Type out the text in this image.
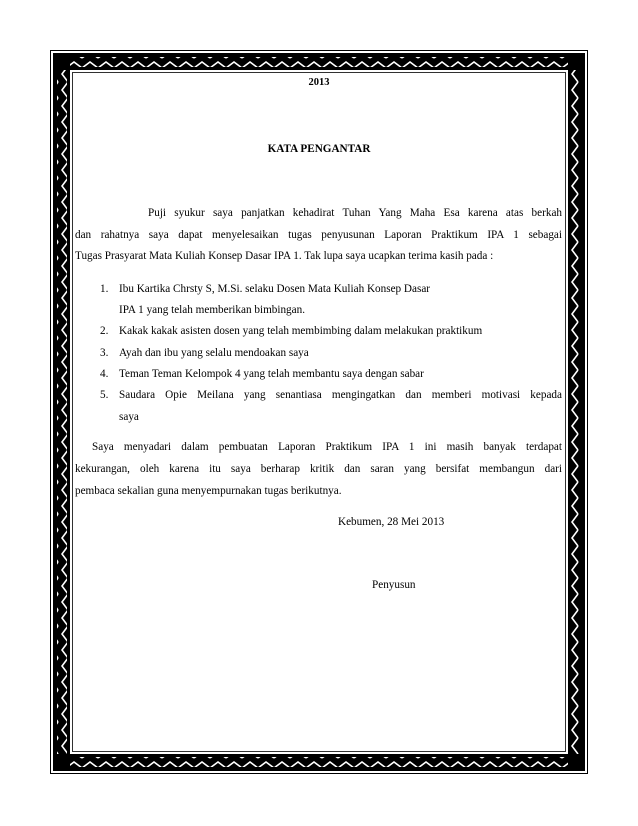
2013
KATA PENGANTAR
Puji syukur saya panjatkan kehadirat Tuhan Yang Maha Esa karena atas berkah
dan rahatnya saya dapat menyelesaikan tugas penyusunan Laporan Praktikum IPA 1 sebagai
Tugas Prasyarat Mata Kuliah Konsep Dasar IPA 1. Tak lupa saya ucapkan terima kasih pada :
1. Ibu Kartika Chrsty S, M.Si. selaku Dosen Mata Kuliah Konsep Dasar
IPA 1 yang telah memberikan bimbingan.
2. Kakak kakak asisten dosen yang telah membimbing dalam melakukan praktikum
3. Ayah dan ibu yang selalu mendoakan saya
4. Teman Teman Kelompok 4 yang telah membantu saya dengan sabar
5. Saudara Opie Meilana yang senantiasa mengingatkan dan memberi motivasi kepada
saya
Saya menyadari dalam pembuatan Laporan Praktikum IPA 1 ini masih banyak terdapat
kekurangan, oleh karena itu saya berharap kritik dan saran yang bersifat membangun dari
pembaca sekalian guna menyempurnakan tugas berikutnya.
Kebumen, 28 Mei 2013
Penyusun
